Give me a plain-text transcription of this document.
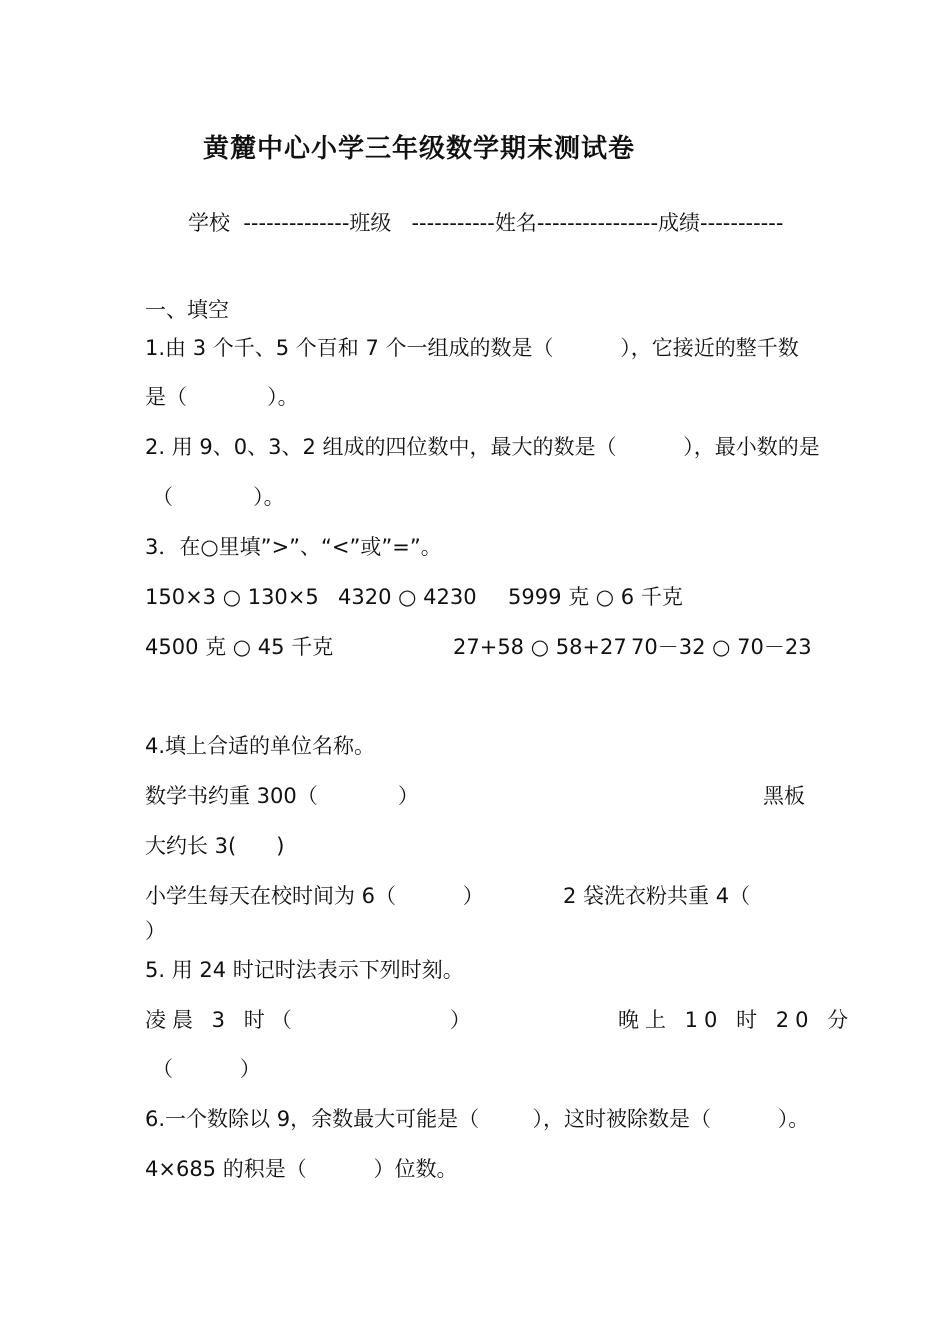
黄麓中心小学三年级数学期末测试卷
学校  --------------班级   -----------姓名----------------成绩-----------
一、填空
1.由 3 个千、5 个百和 7 个一组成的数是（          ），它接近的整千数
是（            ）。
2. 用 9、0、3、2 组成的四位数中，最大的数是（          ），最小数的是
（            ）。
3．在○里填”>”、“<”或”=”。
150×3 ○ 130×5 4320 ○ 4230 5999 克 ○ 6 千克
4500 克 ○ 45 千克	27+58 ○ 58+27 70－32 ○ 70－23
4.填上合适的单位名称。
数学书约重 300（            ）	黑板
大约长 3(      )
小学生每天在校时间为 6（          ）	2 袋洗衣粉共重 4（
）
5. 用 24 时记时法表示下列时刻。
凌晨 3 时（            ）	晚上 10 时 20 分
（          ）
6.一个数除以 9，余数最大可能是（        ），这时被除数是（          ）。
4×685 的积是（          ）位数。
